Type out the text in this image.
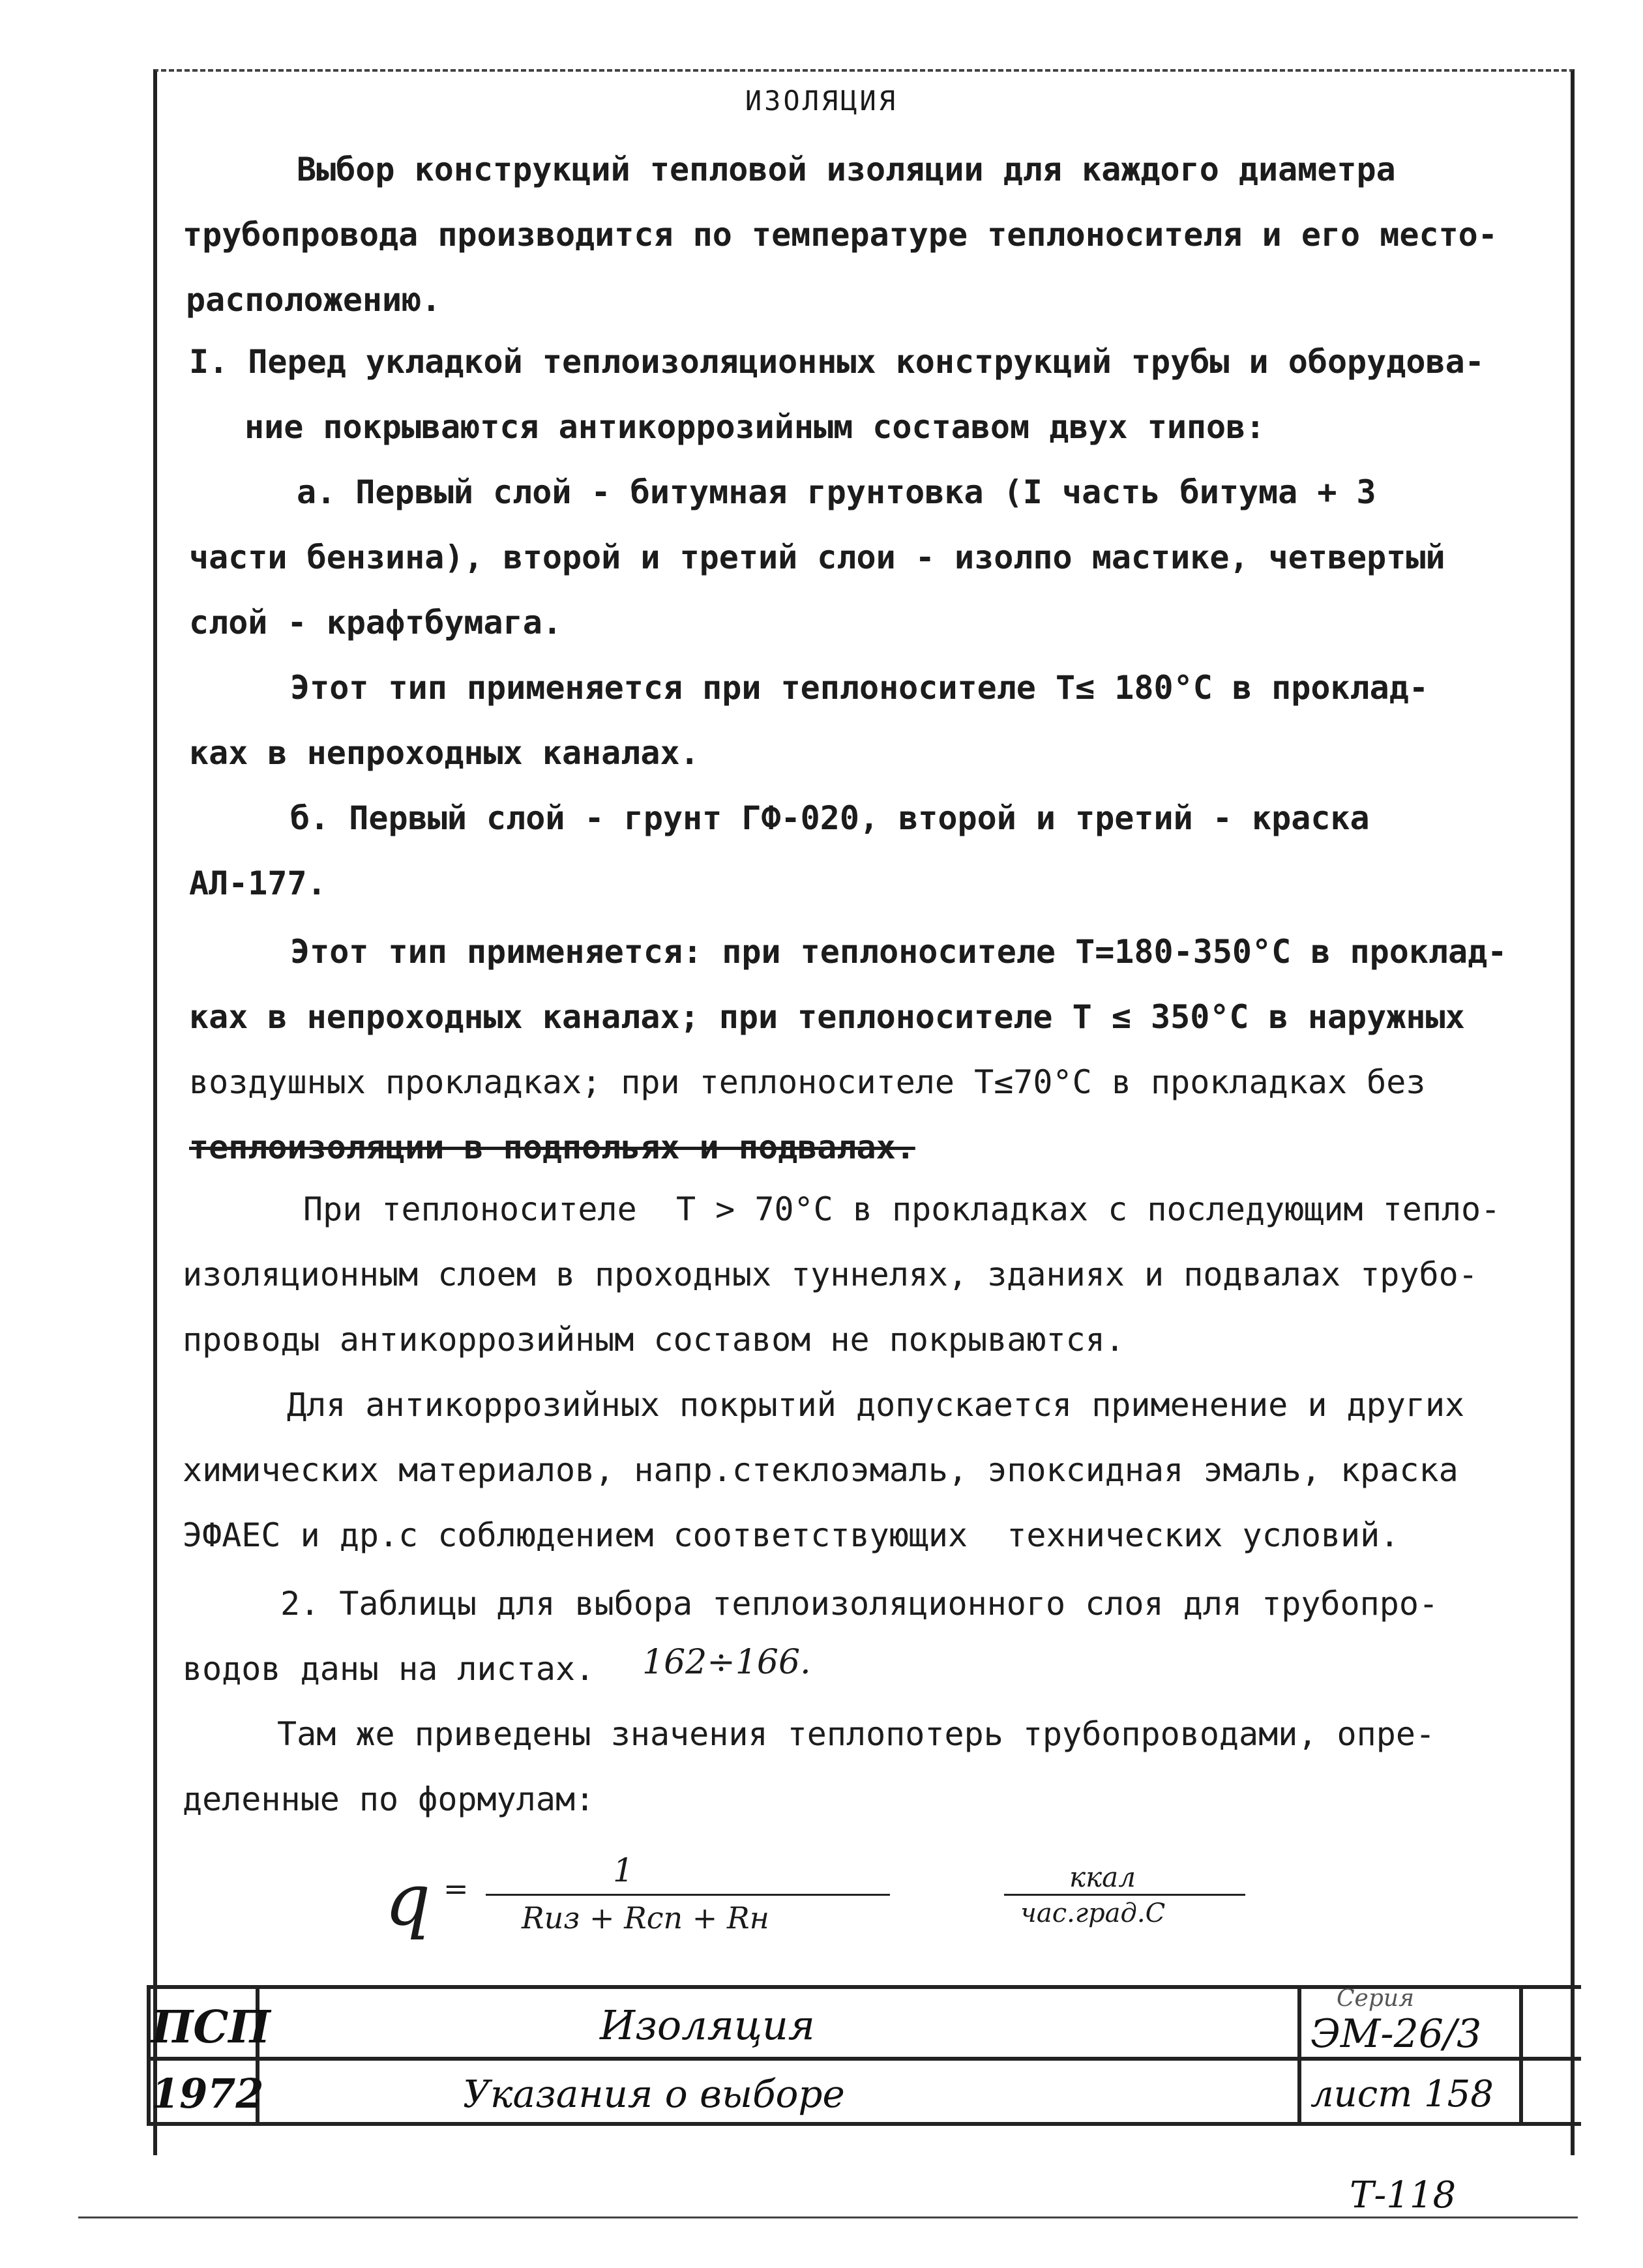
ИЗОЛЯЦИЯ
Выбор конструкций тепловой изоляции для каждого диаметра
трубопровода производится по температуре теплоносителя и его место-
расположению.
I. Перед укладкой теплоизоляционных конструкций трубы и оборудова-
ние покрываются антикоррозийным составом двух типов:
а. Первый слой - битумная грунтовка (I часть битума + 3
части бензина), второй и третий слои - изолпо мастике, четвертый
слой - крафтбумага.
Этот тип применяется при теплоносителе T≤ 180°C в проклад-
ках в непроходных каналах.
б. Первый слой - грунт ГФ-020, второй и третий - краска
АЛ-177.
Этот тип применяется: при теплоносителе T=180-350°C в проклад-
ках в непроходных каналах; при теплоносителе T ≤ 350°C в наружных
воздушных прокладках; при теплоносителе T≤70°C в прокладках без
теплоизоляции в подпольях и подвалах.
При теплоносителе  T > 70°C в прокладках с последующим тепло-
изоляционным слоем в проходных туннелях, зданиях и подвалах трубо-
проводы антикоррозийным составом не покрываются.
Для антикоррозийных покрытий допускается применение и других
химических материалов, напр.стеклоэмаль, эпоксидная эмаль, краска
ЭФАЕС и др.с соблюдением соответствующих  технических условий.
2. Таблицы для выбора теплоизоляционного слоя для трубопро-
водов даны на листах. 162÷166.
Там же приведены значения теплопотерь трубопроводами, опре-
деленные по формулам:
q =	1
Rиз + Rсп + Rн
ккал
час.град.С
ПСП
1972
Изоляция
Указания о выборе
Серия
ЭМ-26/3
лист 158
Т-118
